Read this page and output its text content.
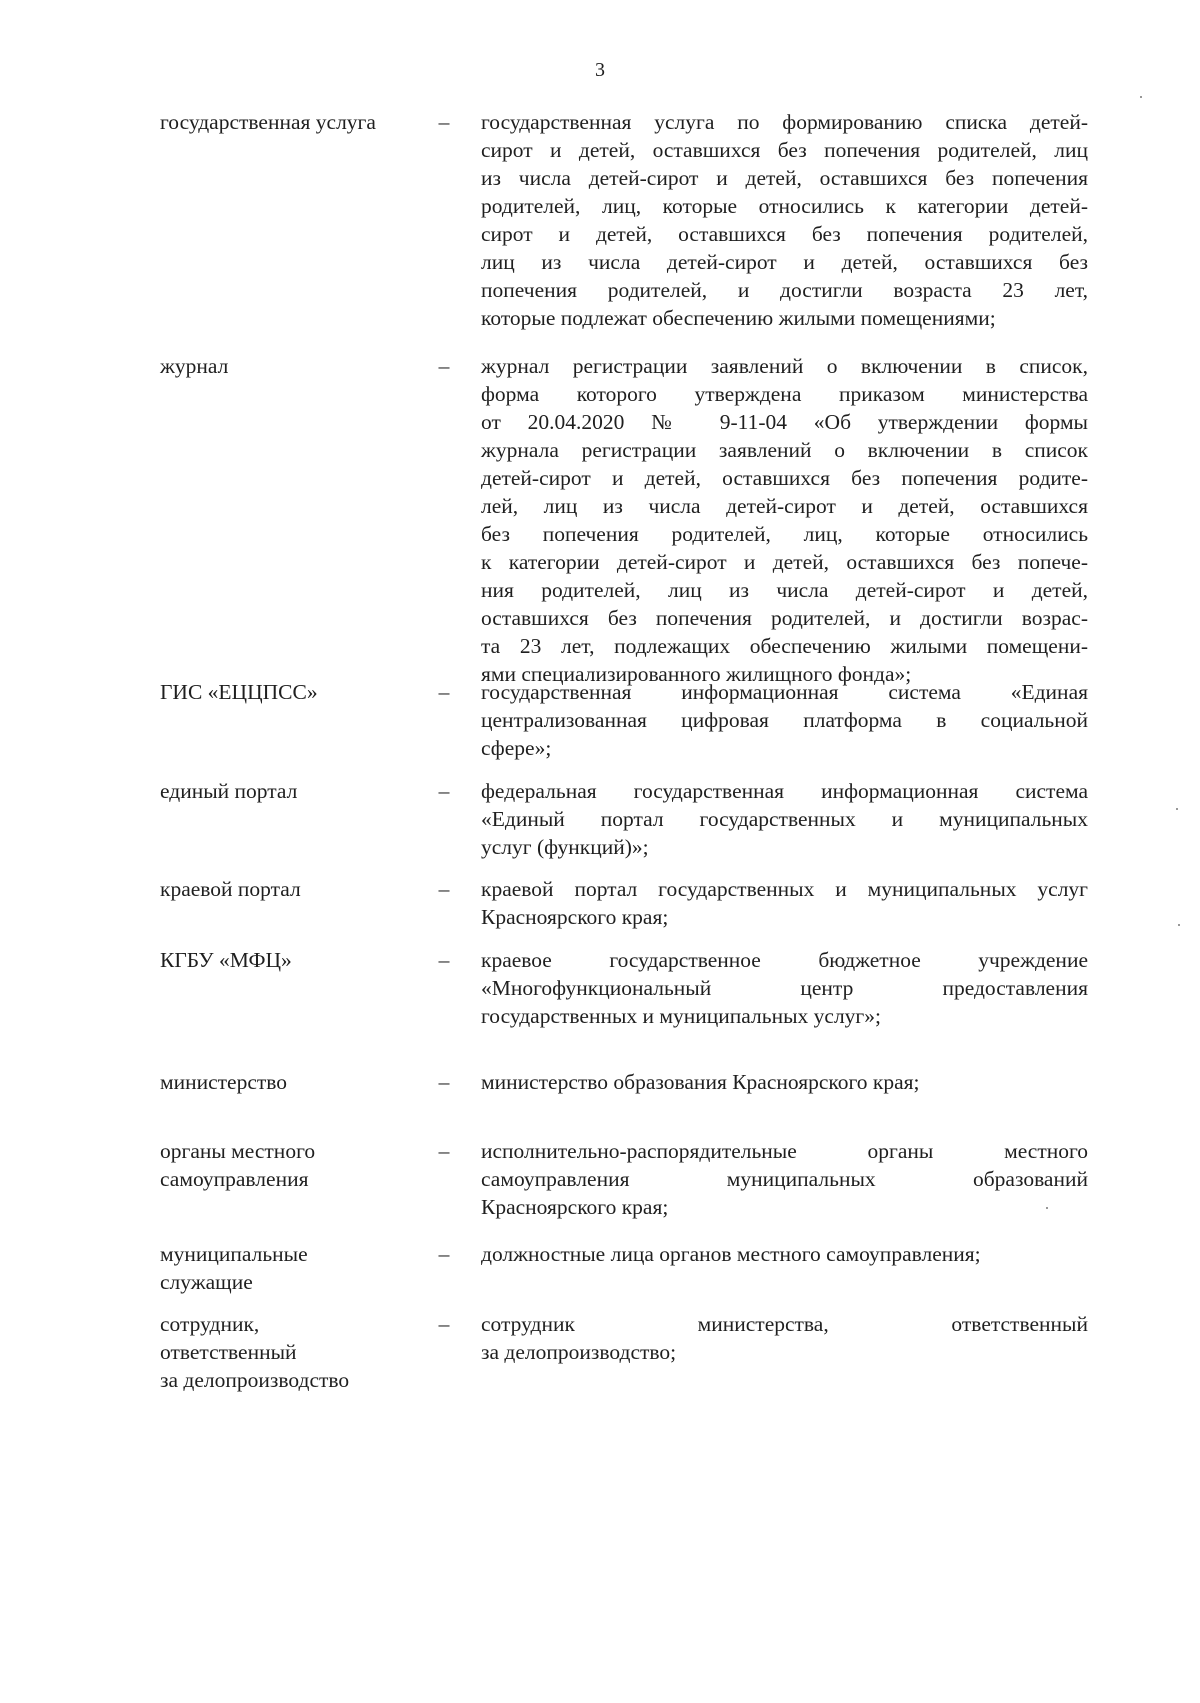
3
государственная услуга	–	государственная услуга по формированию списка детей-
сирот и детей, оставшихся без попечения родителей, лиц
из числа детей-сирот и детей, оставшихся без попечения
родителей, лиц, которые относились к категории детей-
сирот и детей, оставшихся без попечения родителей,
лиц из числа детей-сирот и детей, оставшихся без
попечения родителей, и достигли возраста 23 лет,
которые подлежат обеспечению жилыми помещениями;
журнал	–	журнал регистрации заявлений о включении в список,
форма которого утверждена приказом министерства
от 20.04.2020 № 9-11-04 «Об утверждении формы
журнала регистрации заявлений о включении в список
детей-сирот и детей, оставшихся без попечения родите-
лей, лиц из числа детей-сирот и детей, оставшихся
без попечения родителей, лиц, которые относились
к категории детей-сирот и детей, оставшихся без попече-
ния родителей, лиц из числа детей-сирот и детей,
оставшихся без попечения родителей, и достигли возрас-
та 23 лет, подлежащих обеспечению жилыми помещени-
ями специализированного жилищного фонда»;
ГИС «ЕЦЦПСС»	–	государственная информационная система «Единая
централизованная цифровая платформа в социальной
сфере»;
единый портал	–	федеральная государственная информационная система
«Единый портал государственных и муниципальных
услуг (функций)»;
краевой портал	–	краевой портал государственных и муниципальных услуг
Красноярского края;
КГБУ «МФЦ»	–	краевое государственное бюджетное учреждение
«Многофункциональный центр предоставления
государственных и муниципальных услуг»;
министерство	–	министерство образования Красноярского края;
органы местного
самоуправления
–	исполнительно-распорядительные органы местного
самоуправления муниципальных образований
Красноярского края;
муниципальные
служащие
–	должностные лица органов местного самоуправления;
сотрудник,
ответственный
за делопроизводство
–	сотрудник министерства, ответственный
за делопроизводство;
